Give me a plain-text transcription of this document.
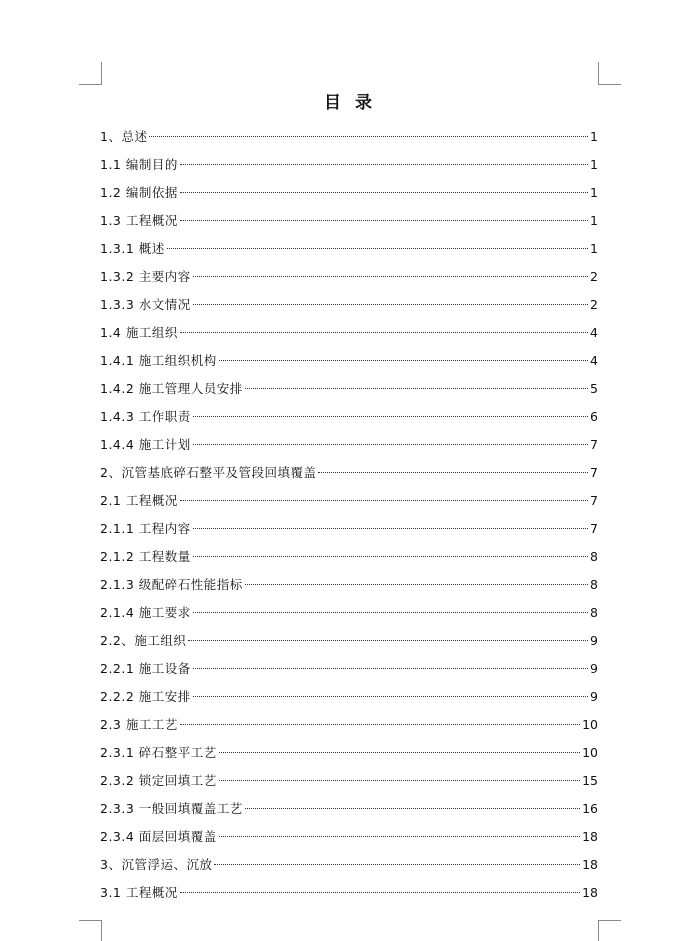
目 录
1、总述	1
1.1 编制目的	1
1.2 编制依据	1
1.3 工程概况	1
1.3.1 概述	1
1.3.2 主要内容	2
1.3.3 水文情况	2
1.4 施工组织	4
1.4.1 施工组织机构	4
1.4.2 施工管理人员安排	5
1.4.3 工作职责	6
1.4.4 施工计划	7
2、沉管基底碎石整平及管段回填覆盖	7
2.1 工程概况	7
2.1.1 工程内容	7
2.1.2 工程数量	8
2.1.3 级配碎石性能指标	8
2.1.4 施工要求	8
2.2、施工组织	9
2.2.1 施工设备	9
2.2.2 施工安排	9
2.3 施工工艺	10
2.3.1 碎石整平工艺	10
2.3.2 锁定回填工艺	15
2.3.3 一般回填覆盖工艺	16
2.3.4 面层回填覆盖	18
3、沉管浮运、沉放	18
3.1 工程概况	18
